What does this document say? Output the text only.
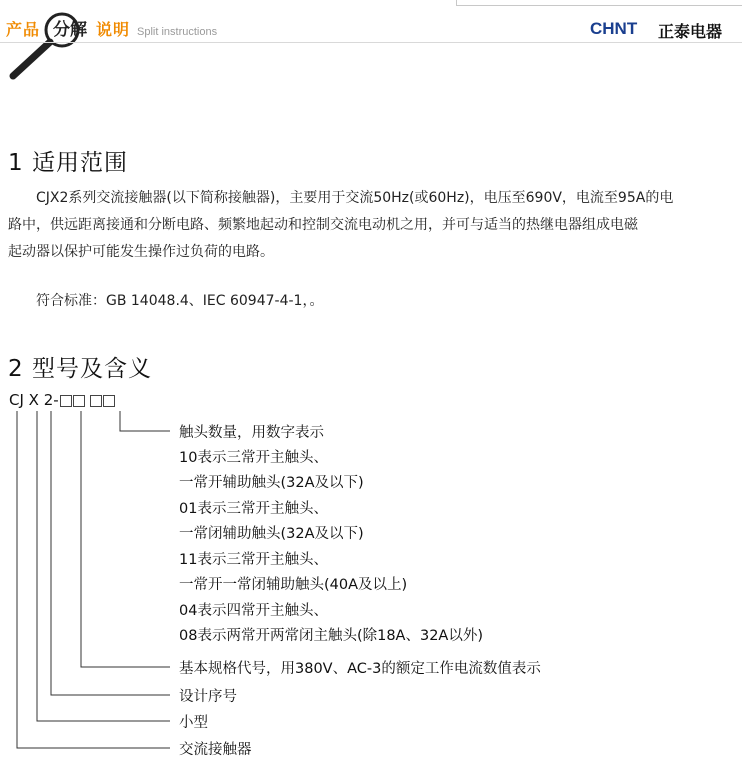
产品 分解 说明 Split instructions	CHNT 正泰电器
1 适用范围

CJX2系列交流接触器(以下简称接触器)，主要用于交流50Hz(或60Hz)，电压至690V，电流至95A的电

路中，供远距离接通和分断电路、频繁地起动和控制交流电动机之用，并可与适当的热继电器组成电磁

起动器以保护可能发生操作过负荷的电路。

符合标准：GB 14048.4、IEC 60947-4-1，。
2 型号及含义
CJ X 2-
触头数量，用数字表示
10表示三常开主触头、
一常开辅助触头(32A及以下)
01表示三常开主触头、
一常闭辅助触头(32A及以下)
11表示三常开主触头、
一常开一常闭辅助触头(40A及以上)
04表示四常开主触头、
08表示两常开两常闭主触头(除18A、32A以外)
基本规格代号，用380V、AC-3的额定工作电流数值表示
设计序号
小型
交流接触器
